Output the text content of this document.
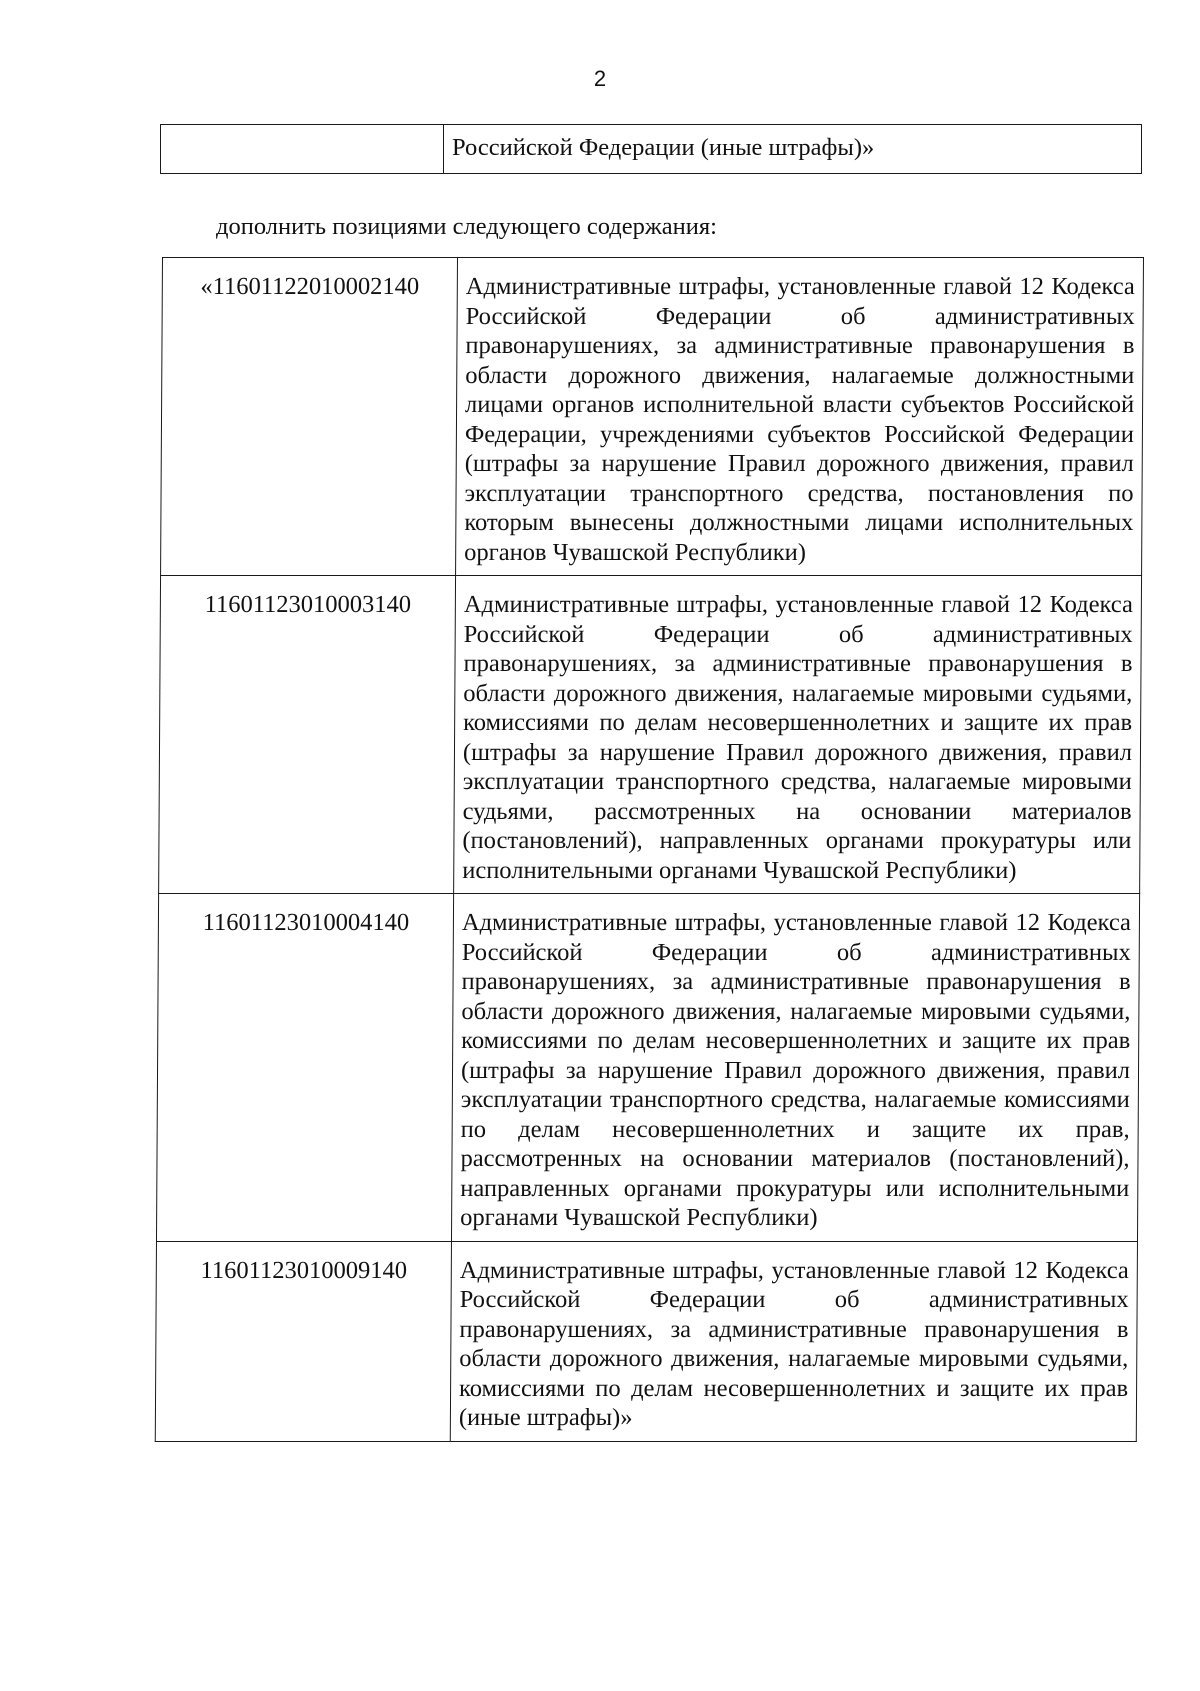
2
	Российской Федерации (иные штрафы)»
дополнить позициями следующего содержания:
«11601122010002140	Административные штрафы, установленные главой 12 Кодекса Российской Федерации об административных правонарушениях, за административные правонарушения в области дорожного движения, налагаемые должностными лицами органов исполнительной власти субъектов Российской Федерации, учреждениями субъектов Российской Федерации (штрафы за нарушение Правил дорожного движения, правил эксплуатации транспортного средства, постановления по которым вынесены должностными лицами исполнительных органов Чувашской Республики)
11601123010003140	Административные штрафы, установленные главой 12 Кодекса Российской Федерации об административных правонарушениях, за административные правонарушения в области дорожного движения, налагаемые мировыми судьями, комиссиями по делам несовершеннолетних и защите их прав (штрафы за нарушение Правил дорожного движения, правил эксплуатации транспортного средства, налагаемые мировыми судьями, рассмотренных на основании материалов (постановлений), направленных органами прокуратуры или исполнительными органами Чувашской Республики)
11601123010004140	Административные штрафы, установленные главой 12 Кодекса Российской Федерации об административных правонарушениях, за административные правонарушения в области дорожного движения, налагаемые мировыми судьями, комиссиями по делам несовершеннолетних и защите их прав (штрафы за нарушение Правил дорожного движения, правил эксплуатации транспортного средства, налагаемые комиссиями по делам несовершеннолетних и защите их прав, рассмотренных на основании материалов (постановлений), направленных органами прокуратуры или исполнительными органами Чувашской Республики)
11601123010009140	Административные штрафы, установленные главой 12 Кодекса Российской Федерации об административных правонарушениях, за административные правонарушения в области дорожного движения, налагаемые мировыми судьями, комиссиями по делам несовершеннолетних и защите их прав (иные штрафы)»
